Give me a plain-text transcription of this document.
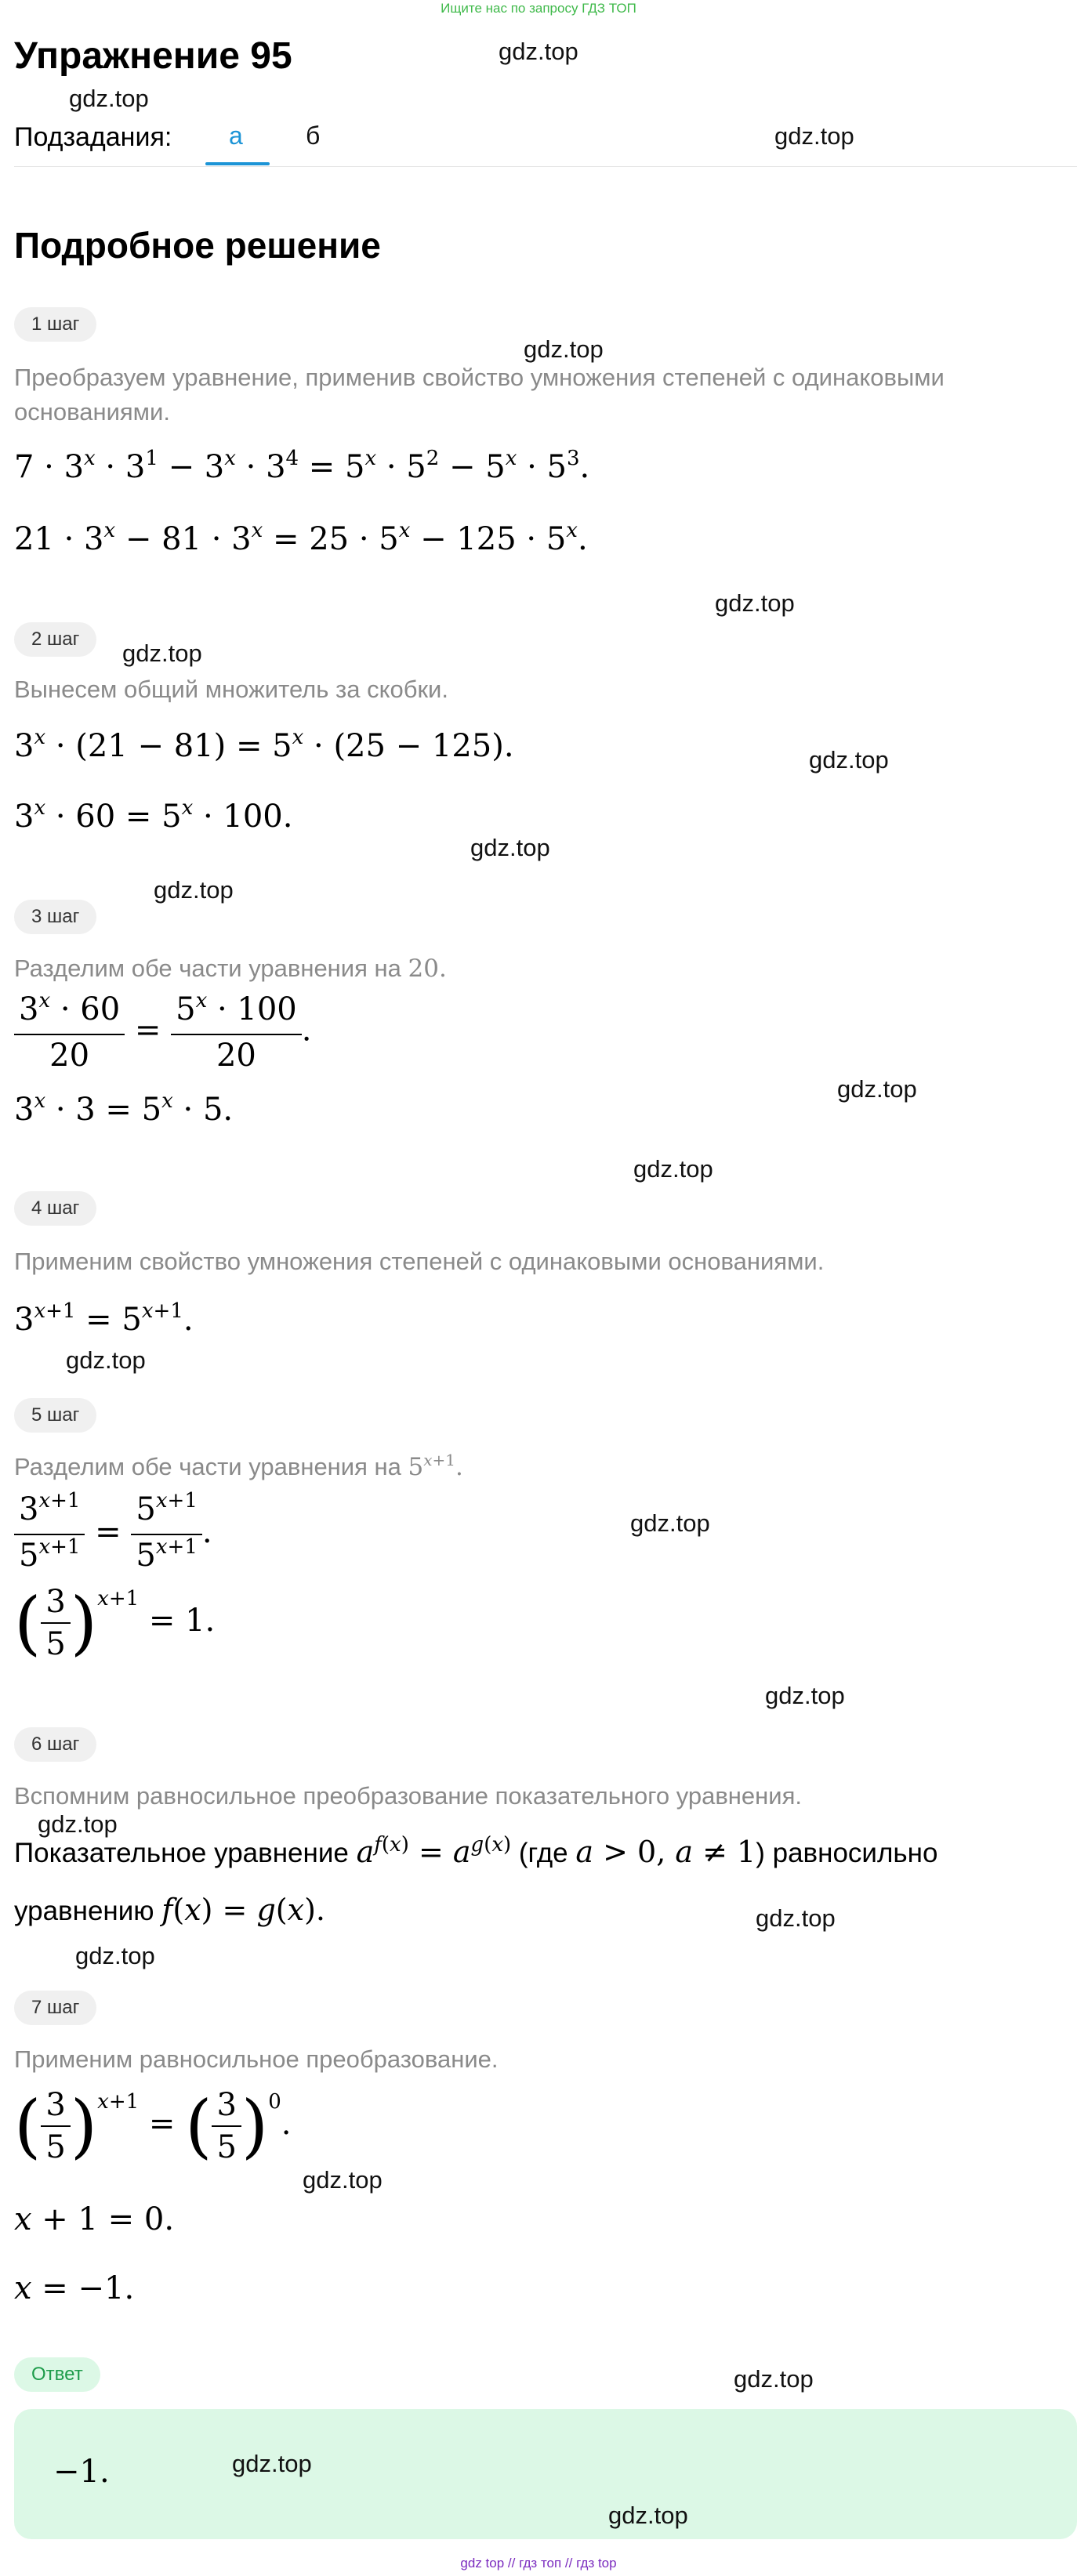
Ищите нас по запросу ГДЗ ТОП
Упражнение 95
Подзадания: а	б
Подробное решение
1 шаг
Преобразуем уравнение, применив свойство умножения степеней с одинаковыми основаниями.
$7 \cdot 3^x \cdot 3^1 - 3^x \cdot 3^4 = 5^x \cdot 5^2 - 5^x \cdot 5^3$.
$21 \cdot 3^x - 81 \cdot 3^x = 25 \cdot 5^x - 125 \cdot 5^x$.
2 шаг
Вынесем общий множитель за скобки.
$3^x \cdot (21 - 81) = 5^x \cdot (25 - 125)$.
$3^x \cdot 60 = 5^x \cdot 100$.
3 шаг
Разделим обе части уравнения на 20.
$\frac{3^x \cdot 60}{20} = \frac{5^x \cdot 100}{20}$ .
$3^x \cdot 3 = 5^x \cdot 5$.
4 шаг
Применим свойство умножения степеней с одинаковыми основаниями.
$3^{x+1} = 5^{x+1}$.
5 шаг
Разделим обе части уравнения на $5^{x+1}$.
$\frac{3^{x+1}}{5^{x+1}} = \frac{5^{x+1}}{5^{x+1}}$ .
( $\frac{3}{5} )^{x+1} = 1$.
6 шаг
Вспомним равносильное преобразование показательного уравнения.
Показательное уравнение $a^{f(x)} = a^{g(x)}$ (где a > 0, a ≠ 1) равносильно
уравнению f(x) = g(x).
7 шаг
Применим равносильное преобразование.
( $\frac{3}{5} )^{x+1}$ = ( $\frac{3}{5} )^0$.
x + 1 = 0.
x = −1.
Ответ
−1.
gdz.top
gdz.top
gdz.top
gdz.top
gdz.top
gdz.top
gdz.top
gdz.top
gdz.top
gdz.top
gdz.top
gdz.top
gdz.top
gdz.top
gdz.top
gdz.top
gdz.top
gdz.top
gdz.top
gdz.top
gdz.top
gdz top // гдз топ // гдз top
